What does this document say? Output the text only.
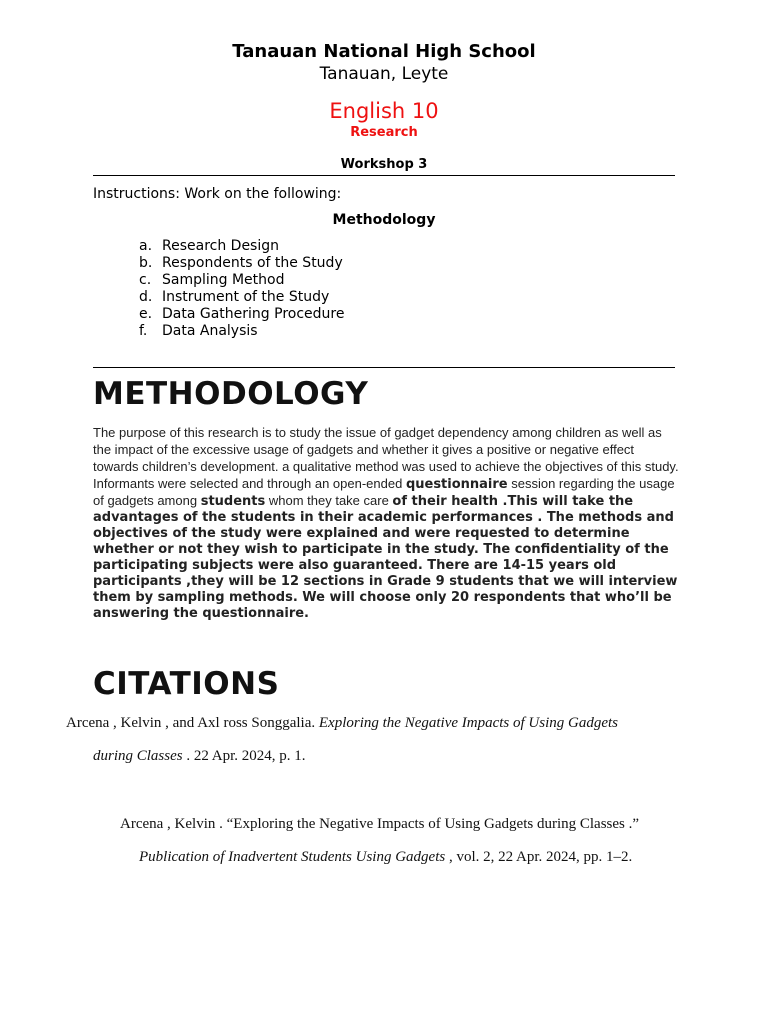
Tanauan National High School
Tanauan, Leyte
English 10
Research
Workshop 3
Instructions: Work on the following:
Methodology
a. Research Design
b. Respondents of the Study
c. Sampling Method
d. Instrument of the Study
e. Data Gathering Procedure
f. Data Analysis
METHODOLOGY
The purpose of this research is to study the issue of gadget dependency among children as well as the impact of the excessive usage of gadgets and whether it gives a positive or negative effect towards children’s development. a qualitative method was used to achieve the objectives of this study. Informants were selected and through an open-ended questionnaire session regarding the usage of gadgets among students whom they take care of their health .This will take the advantages of the students in their academic performances . The methods and objectives of the study were explained and were requested to determine whether or not they wish to participate in the study. The confidentiality of the participating subjects were also guaranteed. There are 14-15 years old participants ,they will be 12 sections in Grade 9 students that we will interview them by sampling methods. We will choose only 20 respondents that who’ll be answering the questionnaire.
CITATIONS
Arcena , Kelvin , and Axl ross Songgalia. Exploring the Negative Impacts of Using Gadgets
during Classes . 22 Apr. 2024, p. 1.
Arcena , Kelvin . “Exploring the Negative Impacts of Using Gadgets during Classes .”
Publication of Inadvertent Students Using Gadgets , vol. 2, 22 Apr. 2024, pp. 1–2.
